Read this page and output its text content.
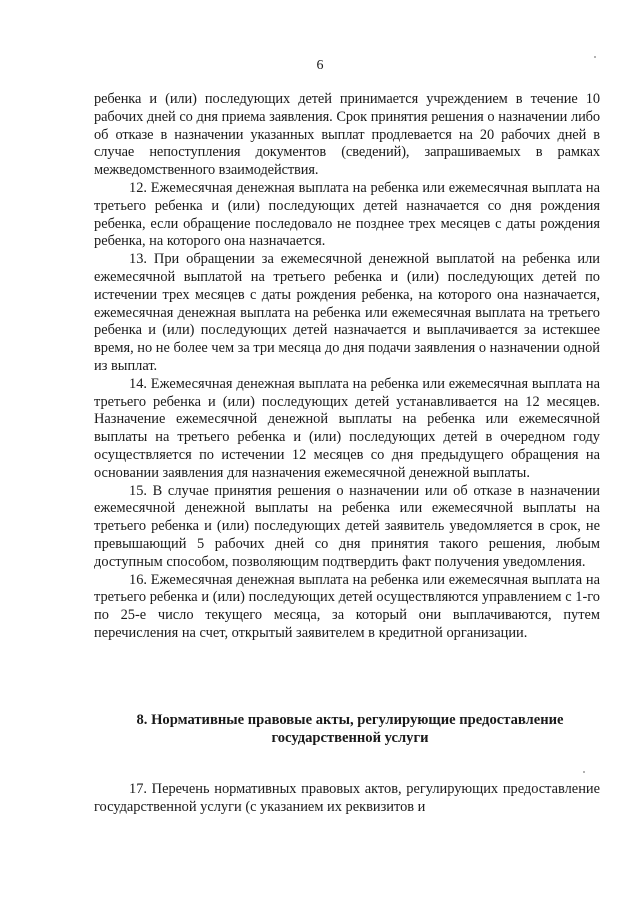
6

ребенка и (или) последующих детей принимается учреждением в течение 10 рабочих дней со дня приема заявления. Срок принятия решения о назначении либо об отказе в назначении указанных выплат продлевается на 20 рабочих дней в случае непоступления документов (сведений), запрашиваемых в рамках межведомственного взаимодействия.

12. Ежемесячная денежная выплата на ребенка или ежемесячная выплата на третьего ребенка и (или) последующих детей назначается со дня рождения ребенка, если обращение последовало не позднее трех месяцев с даты рождения ребенка, на которого она назначается.

13. При обращении за ежемесячной денежной выплатой на ребенка или ежемесячной выплатой на третьего ребенка и (или) последующих детей по истечении трех месяцев с даты рождения ребенка, на которого она назначается, ежемесячная денежная выплата на ребенка или ежемесячная выплата на третьего ребенка и (или) последующих детей назначается и выплачивается за истекшее время, но не более чем за три месяца до дня подачи заявления о назначении одной из выплат.

14. Ежемесячная денежная выплата на ребенка или ежемесячная выплата на третьего ребенка и (или) последующих детей устанавливается на 12 месяцев. Назначение ежемесячной денежной выплаты на ребенка или ежемесячной выплаты на третьего ребенка и (или) последующих детей в очередном году осуществляется по истечении 12 месяцев со дня предыдущего обращения на основании заявления для назначения ежемесячной денежной выплаты.

15. В случае принятия решения о назначении или об отказе в назначении ежемесячной денежной выплаты на ребенка или ежемесячной выплаты на третьего ребенка и (или) последующих детей заявитель уведомляется в срок, не превышающий 5 рабочих дней со дня принятия такого решения, любым доступным способом, позволяющим подтвердить факт получения уведомления.

16. Ежемесячная денежная выплата на ребенка или ежемесячная выплата на третьего ребенка и (или) последующих детей осуществляются управлением с 1-го по 25-е число текущего месяца, за который они выплачиваются, путем перечисления на счет, открытый заявителем в кредитной организации.

8. Нормативные правовые акты, регулирующие предоставление государственной услуги

17. Перечень нормативных правовых актов, регулирующих предоставление государственной услуги (с указанием их реквизитов и
